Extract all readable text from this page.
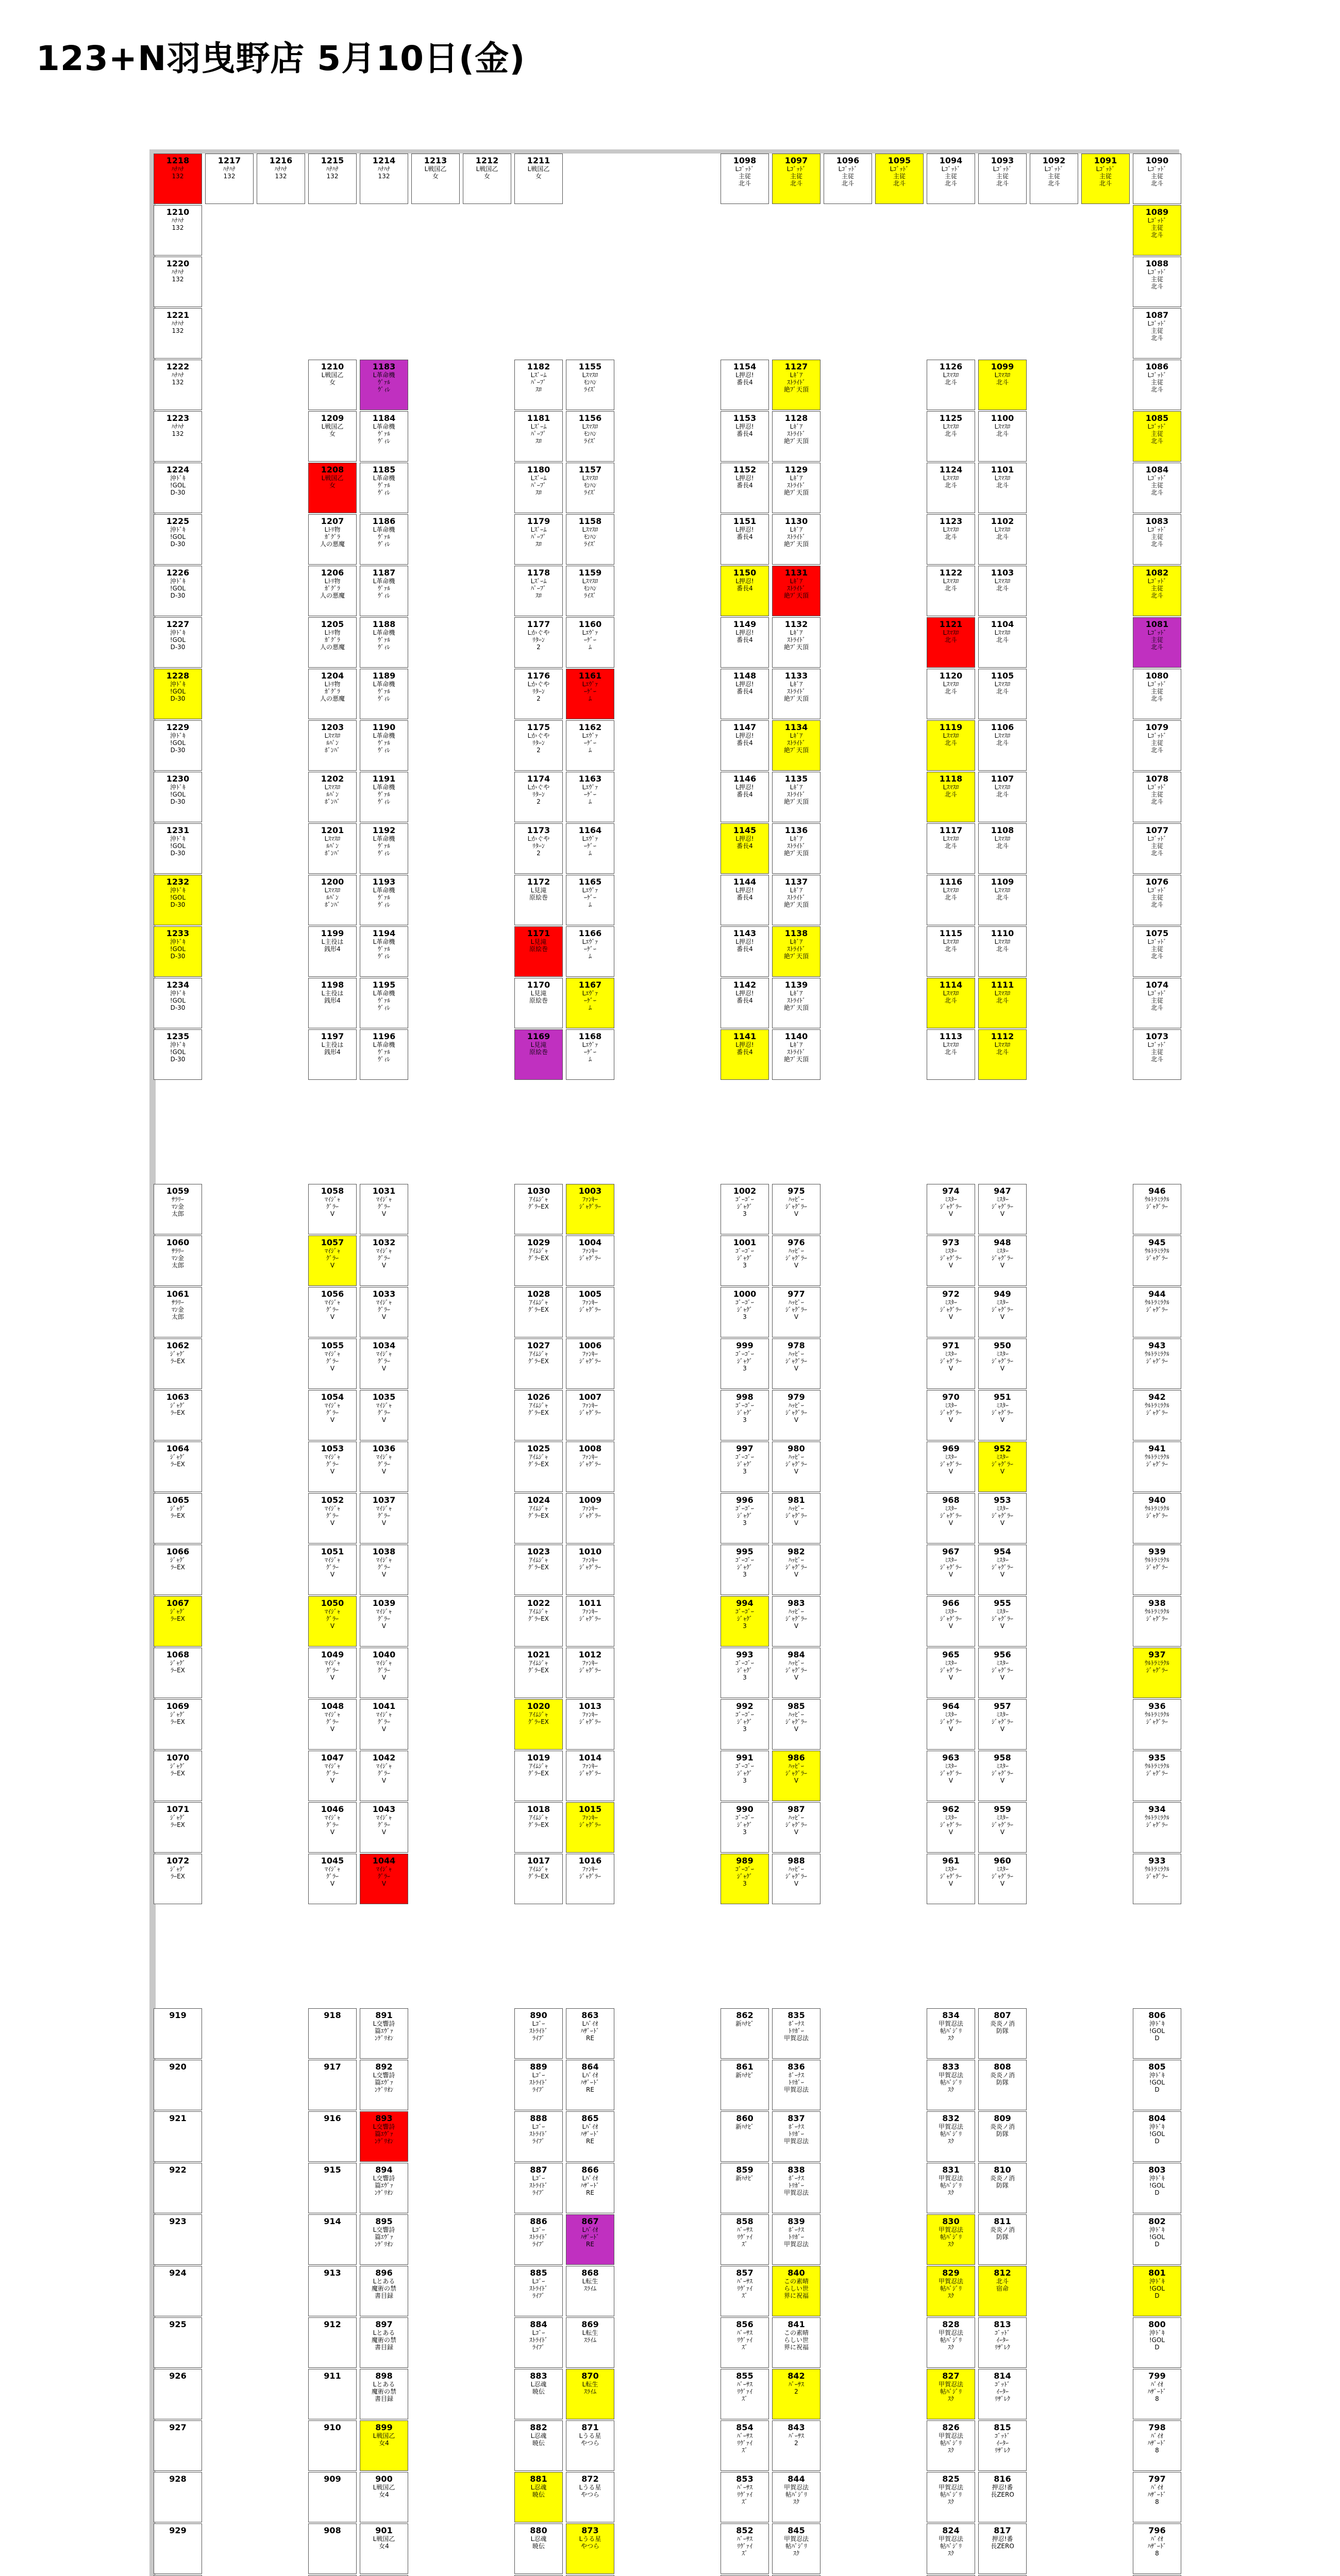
123+N羽曳野店 5月10日(金)
1218
ﾊﾅﾊﾅ
132
1217
ﾊﾅﾊﾅ
132
1216
ﾊﾅﾊﾅ
132
1215
ﾊﾅﾊﾅ
132
1214
ﾊﾅﾊﾅ
132
1213
L戦国乙
女
1212
L戦国乙
女
1211
L戦国乙
女
1098
Lｺﾞｯﾄﾞ
主従
北斗
1097
Lｺﾞｯﾄﾞ
主従
北斗
1096
Lｺﾞｯﾄﾞ
主従
北斗
1095
Lｺﾞｯﾄﾞ
主従
北斗
1094
Lｺﾞｯﾄﾞ
主従
北斗
1093
Lｺﾞｯﾄﾞ
主従
北斗
1092
Lｺﾞｯﾄﾞ
主従
北斗
1091
Lｺﾞｯﾄﾞ
主従
北斗
1090
Lｺﾞｯﾄﾞ
主従
北斗
1210
ﾊﾅﾊﾅ
132
1220
ﾊﾅﾊﾅ
132
1221
ﾊﾅﾊﾅ
132
1222
ﾊﾅﾊﾅ
132
1223
ﾊﾅﾊﾅ
132
1224
沖ﾄﾞｷ
!GOL
D-30
1225
沖ﾄﾞｷ
!GOL
D-30
1226
沖ﾄﾞｷ
!GOL
D-30
1227
沖ﾄﾞｷ
!GOL
D-30
1228
沖ﾄﾞｷ
!GOL
D-30
1229
沖ﾄﾞｷ
!GOL
D-30
1230
沖ﾄﾞｷ
!GOL
D-30
1231
沖ﾄﾞｷ
!GOL
D-30
1232
沖ﾄﾞｷ
!GOL
D-30
1233
沖ﾄﾞｷ
!GOL
D-30
1234
沖ﾄﾞｷ
!GOL
D-30
1235
沖ﾄﾞｷ
!GOL
D-30
1089
Lｺﾞｯﾄﾞ
主従
北斗
1088
Lｺﾞｯﾄﾞ
主従
北斗
1087
Lｺﾞｯﾄﾞ
主従
北斗
1086
Lｺﾞｯﾄﾞ
主従
北斗
1085
Lｺﾞｯﾄﾞ
主従
北斗
1084
Lｺﾞｯﾄﾞ
主従
北斗
1083
Lｺﾞｯﾄﾞ
主従
北斗
1082
Lｺﾞｯﾄﾞ
主従
北斗
1081
Lｺﾞｯﾄﾞ
主従
北斗
1080
Lｺﾞｯﾄﾞ
主従
北斗
1079
Lｺﾞｯﾄﾞ
主従
北斗
1078
Lｺﾞｯﾄﾞ
主従
北斗
1077
Lｺﾞｯﾄﾞ
主従
北斗
1076
Lｺﾞｯﾄﾞ
主従
北斗
1075
Lｺﾞｯﾄﾞ
主従
北斗
1074
Lｺﾞｯﾄﾞ
主従
北斗
1073
Lｺﾞｯﾄﾞ
主従
北斗
1210
L戦国乙
女
1209
L戦国乙
女
1208
L戦国乙
女
1207
Lﾄﾘ物
ｶﾞｸﾞﾗ
人の悪魔
1206
Lﾄﾘ物
ｶﾞｸﾞﾗ
人の悪魔
1205
Lﾄﾘ物
ｶﾞｸﾞﾗ
人の悪魔
1204
Lﾄﾘ物
ｶﾞｸﾞﾗ
人の悪魔
1203
Lｽﾏｽﾛ
ﾙﾊﾟﾝ
ﾎﾞﾝﾊﾞ
1202
Lｽﾏｽﾛ
ﾙﾊﾟﾝ
ﾎﾞﾝﾊﾞ
1201
Lｽﾏｽﾛ
ﾙﾊﾟﾝ
ﾎﾞﾝﾊﾞ
1200
Lｽﾏｽﾛ
ﾙﾊﾟﾝ
ﾎﾞﾝﾊﾞ
1199
L主役は
銭形4
1198
L主役は
銭形4
1197
L主役は
銭形4
1183
L革命機
ｳﾞｧﾙ
ｳﾞｨﾚ
1184
L革命機
ｳﾞｧﾙ
ｳﾞｨﾚ
1185
L革命機
ｳﾞｧﾙ
ｳﾞｨﾚ
1186
L革命機
ｳﾞｧﾙ
ｳﾞｨﾚ
1187
L革命機
ｳﾞｧﾙ
ｳﾞｨﾚ
1188
L革命機
ｳﾞｧﾙ
ｳﾞｨﾚ
1189
L革命機
ｳﾞｧﾙ
ｳﾞｨﾚ
1190
L革命機
ｳﾞｧﾙ
ｳﾞｨﾚ
1191
L革命機
ｳﾞｧﾙ
ｳﾞｨﾚ
1192
L革命機
ｳﾞｧﾙ
ｳﾞｨﾚ
1193
L革命機
ｳﾞｧﾙ
ｳﾞｨﾚ
1194
L革命機
ｳﾞｧﾙ
ｳﾞｨﾚ
1195
L革命機
ｳﾞｧﾙ
ｳﾞｨﾚ
1196
L革命機
ｳﾞｧﾙ
ｳﾞｨﾚ
1182
Lｽﾞｰﾑ
ﾊﾟｰﾌﾟ
ｽﾛ
1181
Lｽﾞｰﾑ
ﾊﾟｰﾌﾟ
ｽﾛ
1180
Lｽﾞｰﾑ
ﾊﾟｰﾌﾟ
ｽﾛ
1179
Lｽﾞｰﾑ
ﾊﾟｰﾌﾟ
ｽﾛ
1178
Lｽﾞｰﾑ
ﾊﾟｰﾌﾟ
ｽﾛ
1177
Lかぐや
ﾘﾀｰﾝ
2
1176
Lかぐや
ﾘﾀｰﾝ
2
1175
Lかぐや
ﾘﾀｰﾝ
2
1174
Lかぐや
ﾘﾀｰﾝ
2
1173
Lかぐや
ﾘﾀｰﾝ
2
1172
L見滝
原絵巻
1171
L見滝
原絵巻
1170
L見滝
原絵巻
1169
L見滝
原絵巻
1155
Lｽﾏｽﾛ
ﾓﾝﾊﾝ
ﾗｲｽﾞ
1156
Lｽﾏｽﾛ
ﾓﾝﾊﾝ
ﾗｲｽﾞ
1157
Lｽﾏｽﾛ
ﾓﾝﾊﾝ
ﾗｲｽﾞ
1158
Lｽﾏｽﾛ
ﾓﾝﾊﾝ
ﾗｲｽﾞ
1159
Lｽﾏｽﾛ
ﾓﾝﾊﾝ
ﾗｲｽﾞ
1160
Lｴｳﾞｧ
ｰｹﾞｰ
ﾑ
1161
Lｴｳﾞｧ
ｰｹﾞｰ
ﾑ
1162
Lｴｳﾞｧ
ｰｹﾞｰ
ﾑ
1163
Lｴｳﾞｧ
ｰｹﾞｰ
ﾑ
1164
Lｴｳﾞｧ
ｰｹﾞｰ
ﾑ
1165
Lｴｳﾞｧ
ｰｹﾞｰ
ﾑ
1166
Lｴｳﾞｧ
ｰｹﾞｰ
ﾑ
1167
Lｴｳﾞｧ
ｰｹﾞｰ
ﾑ
1168
Lｴｳﾞｧ
ｰｹﾞｰ
ﾑ
1154
L押忍!
番長4
1153
L押忍!
番長4
1152
L押忍!
番長4
1151
L押忍!
番長4
1150
L押忍!
番長4
1149
L押忍!
番長4
1148
L押忍!
番長4
1147
L押忍!
番長4
1146
L押忍!
番長4
1145
L押忍!
番長4
1144
L押忍!
番長4
1143
L押忍!
番長4
1142
L押忍!
番長4
1141
L押忍!
番長4
1127
Lｷﾞｱ
ｽﾄﾗｲﾄﾞ
絶ﾌﾞ天頂
1128
Lｷﾞｱ
ｽﾄﾗｲﾄﾞ
絶ﾌﾞ天頂
1129
Lｷﾞｱ
ｽﾄﾗｲﾄﾞ
絶ﾌﾞ天頂
1130
Lｷﾞｱ
ｽﾄﾗｲﾄﾞ
絶ﾌﾞ天頂
1131
Lｷﾞｱ
ｽﾄﾗｲﾄﾞ
絶ﾌﾞ天頂
1132
Lｷﾞｱ
ｽﾄﾗｲﾄﾞ
絶ﾌﾞ天頂
1133
Lｷﾞｱ
ｽﾄﾗｲﾄﾞ
絶ﾌﾞ天頂
1134
Lｷﾞｱ
ｽﾄﾗｲﾄﾞ
絶ﾌﾞ天頂
1135
Lｷﾞｱ
ｽﾄﾗｲﾄﾞ
絶ﾌﾞ天頂
1136
Lｷﾞｱ
ｽﾄﾗｲﾄﾞ
絶ﾌﾞ天頂
1137
Lｷﾞｱ
ｽﾄﾗｲﾄﾞ
絶ﾌﾞ天頂
1138
Lｷﾞｱ
ｽﾄﾗｲﾄﾞ
絶ﾌﾞ天頂
1139
Lｷﾞｱ
ｽﾄﾗｲﾄﾞ
絶ﾌﾞ天頂
1140
Lｷﾞｱ
ｽﾄﾗｲﾄﾞ
絶ﾌﾞ天頂
1126
Lｽﾏｽﾛ
北斗
1125
Lｽﾏｽﾛ
北斗
1124
Lｽﾏｽﾛ
北斗
1123
Lｽﾏｽﾛ
北斗
1122
Lｽﾏｽﾛ
北斗
1121
Lｽﾏｽﾛ
北斗
1120
Lｽﾏｽﾛ
北斗
1119
Lｽﾏｽﾛ
北斗
1118
Lｽﾏｽﾛ
北斗
1117
Lｽﾏｽﾛ
北斗
1116
Lｽﾏｽﾛ
北斗
1115
Lｽﾏｽﾛ
北斗
1114
Lｽﾏｽﾛ
北斗
1113
Lｽﾏｽﾛ
北斗
1099
Lｽﾏｽﾛ
北斗
1100
Lｽﾏｽﾛ
北斗
1101
Lｽﾏｽﾛ
北斗
1102
Lｽﾏｽﾛ
北斗
1103
Lｽﾏｽﾛ
北斗
1104
Lｽﾏｽﾛ
北斗
1105
Lｽﾏｽﾛ
北斗
1106
Lｽﾏｽﾛ
北斗
1107
Lｽﾏｽﾛ
北斗
1108
Lｽﾏｽﾛ
北斗
1109
Lｽﾏｽﾛ
北斗
1110
Lｽﾏｽﾛ
北斗
1111
Lｽﾏｽﾛ
北斗
1112
Lｽﾏｽﾛ
北斗
1059
ｻﾗﾘｰ
ﾏﾝ金
太郎
1060
ｻﾗﾘｰ
ﾏﾝ金
太郎
1061
ｻﾗﾘｰ
ﾏﾝ金
太郎
1062
ｼﾞｬｸﾞ
ﾗｰEX
1063
ｼﾞｬｸﾞ
ﾗｰEX
1064
ｼﾞｬｸﾞ
ﾗｰEX
1065
ｼﾞｬｸﾞ
ﾗｰEX
1066
ｼﾞｬｸﾞ
ﾗｰEX
1067
ｼﾞｬｸﾞ
ﾗｰEX
1068
ｼﾞｬｸﾞ
ﾗｰEX
1069
ｼﾞｬｸﾞ
ﾗｰEX
1070
ｼﾞｬｸﾞ
ﾗｰEX
1071
ｼﾞｬｸﾞ
ﾗｰEX
1072
ｼﾞｬｸﾞ
ﾗｰEX
1058
ﾏｲｼﾞｬ
ｸﾞﾗｰ
V
1057
ﾏｲｼﾞｬ
ｸﾞﾗｰ
V
1056
ﾏｲｼﾞｬ
ｸﾞﾗｰ
V
1055
ﾏｲｼﾞｬ
ｸﾞﾗｰ
V
1054
ﾏｲｼﾞｬ
ｸﾞﾗｰ
V
1053
ﾏｲｼﾞｬ
ｸﾞﾗｰ
V
1052
ﾏｲｼﾞｬ
ｸﾞﾗｰ
V
1051
ﾏｲｼﾞｬ
ｸﾞﾗｰ
V
1050
ﾏｲｼﾞｬ
ｸﾞﾗｰ
V
1049
ﾏｲｼﾞｬ
ｸﾞﾗｰ
V
1048
ﾏｲｼﾞｬ
ｸﾞﾗｰ
V
1047
ﾏｲｼﾞｬ
ｸﾞﾗｰ
V
1046
ﾏｲｼﾞｬ
ｸﾞﾗｰ
V
1045
ﾏｲｼﾞｬ
ｸﾞﾗｰ
V
1031
ﾏｲｼﾞｬ
ｸﾞﾗｰ
V
1032
ﾏｲｼﾞｬ
ｸﾞﾗｰ
V
1033
ﾏｲｼﾞｬ
ｸﾞﾗｰ
V
1034
ﾏｲｼﾞｬ
ｸﾞﾗｰ
V
1035
ﾏｲｼﾞｬ
ｸﾞﾗｰ
V
1036
ﾏｲｼﾞｬ
ｸﾞﾗｰ
V
1037
ﾏｲｼﾞｬ
ｸﾞﾗｰ
V
1038
ﾏｲｼﾞｬ
ｸﾞﾗｰ
V
1039
ﾏｲｼﾞｬ
ｸﾞﾗｰ
V
1040
ﾏｲｼﾞｬ
ｸﾞﾗｰ
V
1041
ﾏｲｼﾞｬ
ｸﾞﾗｰ
V
1042
ﾏｲｼﾞｬ
ｸﾞﾗｰ
V
1043
ﾏｲｼﾞｬ
ｸﾞﾗｰ
V
1044
ﾏｲｼﾞｬ
ｸﾞﾗｰ
V
1030
ｱｲﾑｼﾞｬ
ｸﾞﾗｰEX
1029
ｱｲﾑｼﾞｬ
ｸﾞﾗｰEX
1028
ｱｲﾑｼﾞｬ
ｸﾞﾗｰEX
1027
ｱｲﾑｼﾞｬ
ｸﾞﾗｰEX
1026
ｱｲﾑｼﾞｬ
ｸﾞﾗｰEX
1025
ｱｲﾑｼﾞｬ
ｸﾞﾗｰEX
1024
ｱｲﾑｼﾞｬ
ｸﾞﾗｰEX
1023
ｱｲﾑｼﾞｬ
ｸﾞﾗｰEX
1022
ｱｲﾑｼﾞｬ
ｸﾞﾗｰEX
1021
ｱｲﾑｼﾞｬ
ｸﾞﾗｰEX
1020
ｱｲﾑｼﾞｬ
ｸﾞﾗｰEX
1019
ｱｲﾑｼﾞｬ
ｸﾞﾗｰEX
1018
ｱｲﾑｼﾞｬ
ｸﾞﾗｰEX
1017
ｱｲﾑｼﾞｬ
ｸﾞﾗｰEX
1003
ﾌｧﾝｷｰ
ｼﾞｬｸﾞﾗｰ
1004
ﾌｧﾝｷｰ
ｼﾞｬｸﾞﾗｰ
1005
ﾌｧﾝｷｰ
ｼﾞｬｸﾞﾗｰ
1006
ﾌｧﾝｷｰ
ｼﾞｬｸﾞﾗｰ
1007
ﾌｧﾝｷｰ
ｼﾞｬｸﾞﾗｰ
1008
ﾌｧﾝｷｰ
ｼﾞｬｸﾞﾗｰ
1009
ﾌｧﾝｷｰ
ｼﾞｬｸﾞﾗｰ
1010
ﾌｧﾝｷｰ
ｼﾞｬｸﾞﾗｰ
1011
ﾌｧﾝｷｰ
ｼﾞｬｸﾞﾗｰ
1012
ﾌｧﾝｷｰ
ｼﾞｬｸﾞﾗｰ
1013
ﾌｧﾝｷｰ
ｼﾞｬｸﾞﾗｰ
1014
ﾌｧﾝｷｰ
ｼﾞｬｸﾞﾗｰ
1015
ﾌｧﾝｷｰ
ｼﾞｬｸﾞﾗｰ
1016
ﾌｧﾝｷｰ
ｼﾞｬｸﾞﾗｰ
1002
ｺﾞｰｺﾞｰ
ｼﾞｬｸﾞ
3
1001
ｺﾞｰｺﾞｰ
ｼﾞｬｸﾞ
3
1000
ｺﾞｰｺﾞｰ
ｼﾞｬｸﾞ
3
999
ｺﾞｰｺﾞｰ
ｼﾞｬｸﾞ
3
998
ｺﾞｰｺﾞｰ
ｼﾞｬｸﾞ
3
997
ｺﾞｰｺﾞｰ
ｼﾞｬｸﾞ
3
996
ｺﾞｰｺﾞｰ
ｼﾞｬｸﾞ
3
995
ｺﾞｰｺﾞｰ
ｼﾞｬｸﾞ
3
994
ｺﾞｰｺﾞｰ
ｼﾞｬｸﾞ
3
993
ｺﾞｰｺﾞｰ
ｼﾞｬｸﾞ
3
992
ｺﾞｰｺﾞｰ
ｼﾞｬｸﾞ
3
991
ｺﾞｰｺﾞｰ
ｼﾞｬｸﾞ
3
990
ｺﾞｰｺﾞｰ
ｼﾞｬｸﾞ
3
989
ｺﾞｰｺﾞｰ
ｼﾞｬｸﾞ
3
975
ﾊｯﾋﾟｰ
ｼﾞｬｸﾞﾗｰ
V
976
ﾊｯﾋﾟｰ
ｼﾞｬｸﾞﾗｰ
V
977
ﾊｯﾋﾟｰ
ｼﾞｬｸﾞﾗｰ
V
978
ﾊｯﾋﾟｰ
ｼﾞｬｸﾞﾗｰ
V
979
ﾊｯﾋﾟｰ
ｼﾞｬｸﾞﾗｰ
V
980
ﾊｯﾋﾟｰ
ｼﾞｬｸﾞﾗｰ
V
981
ﾊｯﾋﾟｰ
ｼﾞｬｸﾞﾗｰ
V
982
ﾊｯﾋﾟｰ
ｼﾞｬｸﾞﾗｰ
V
983
ﾊｯﾋﾟｰ
ｼﾞｬｸﾞﾗｰ
V
984
ﾊｯﾋﾟｰ
ｼﾞｬｸﾞﾗｰ
V
985
ﾊｯﾋﾟｰ
ｼﾞｬｸﾞﾗｰ
V
986
ﾊｯﾋﾟｰ
ｼﾞｬｸﾞﾗｰ
V
987
ﾊｯﾋﾟｰ
ｼﾞｬｸﾞﾗｰ
V
988
ﾊｯﾋﾟｰ
ｼﾞｬｸﾞﾗｰ
V
974
ﾐｽﾀｰ
ｼﾞｬｸﾞﾗｰ
V
973
ﾐｽﾀｰ
ｼﾞｬｸﾞﾗｰ
V
972
ﾐｽﾀｰ
ｼﾞｬｸﾞﾗｰ
V
971
ﾐｽﾀｰ
ｼﾞｬｸﾞﾗｰ
V
970
ﾐｽﾀｰ
ｼﾞｬｸﾞﾗｰ
V
969
ﾐｽﾀｰ
ｼﾞｬｸﾞﾗｰ
V
968
ﾐｽﾀｰ
ｼﾞｬｸﾞﾗｰ
V
967
ﾐｽﾀｰ
ｼﾞｬｸﾞﾗｰ
V
966
ﾐｽﾀｰ
ｼﾞｬｸﾞﾗｰ
V
965
ﾐｽﾀｰ
ｼﾞｬｸﾞﾗｰ
V
964
ﾐｽﾀｰ
ｼﾞｬｸﾞﾗｰ
V
963
ﾐｽﾀｰ
ｼﾞｬｸﾞﾗｰ
V
962
ﾐｽﾀｰ
ｼﾞｬｸﾞﾗｰ
V
961
ﾐｽﾀｰ
ｼﾞｬｸﾞﾗｰ
V
947
ﾐｽﾀｰ
ｼﾞｬｸﾞﾗｰ
V
948
ﾐｽﾀｰ
ｼﾞｬｸﾞﾗｰ
V
949
ﾐｽﾀｰ
ｼﾞｬｸﾞﾗｰ
V
950
ﾐｽﾀｰ
ｼﾞｬｸﾞﾗｰ
V
951
ﾐｽﾀｰ
ｼﾞｬｸﾞﾗｰ
V
952
ﾐｽﾀｰ
ｼﾞｬｸﾞﾗｰ
V
953
ﾐｽﾀｰ
ｼﾞｬｸﾞﾗｰ
V
954
ﾐｽﾀｰ
ｼﾞｬｸﾞﾗｰ
V
955
ﾐｽﾀｰ
ｼﾞｬｸﾞﾗｰ
V
956
ﾐｽﾀｰ
ｼﾞｬｸﾞﾗｰ
V
957
ﾐｽﾀｰ
ｼﾞｬｸﾞﾗｰ
V
958
ﾐｽﾀｰ
ｼﾞｬｸﾞﾗｰ
V
959
ﾐｽﾀｰ
ｼﾞｬｸﾞﾗｰ
V
960
ﾐｽﾀｰ
ｼﾞｬｸﾞﾗｰ
V
946
ｳﾙﾄﾗﾐﾗｸﾙ
ｼﾞｬｸﾞﾗｰ
945
ｳﾙﾄﾗﾐﾗｸﾙ
ｼﾞｬｸﾞﾗｰ
944
ｳﾙﾄﾗﾐﾗｸﾙ
ｼﾞｬｸﾞﾗｰ
943
ｳﾙﾄﾗﾐﾗｸﾙ
ｼﾞｬｸﾞﾗｰ
942
ｳﾙﾄﾗﾐﾗｸﾙ
ｼﾞｬｸﾞﾗｰ
941
ｳﾙﾄﾗﾐﾗｸﾙ
ｼﾞｬｸﾞﾗｰ
940
ｳﾙﾄﾗﾐﾗｸﾙ
ｼﾞｬｸﾞﾗｰ
939
ｳﾙﾄﾗﾐﾗｸﾙ
ｼﾞｬｸﾞﾗｰ
938
ｳﾙﾄﾗﾐﾗｸﾙ
ｼﾞｬｸﾞﾗｰ
937
ｳﾙﾄﾗﾐﾗｸﾙ
ｼﾞｬｸﾞﾗｰ
936
ｳﾙﾄﾗﾐﾗｸﾙ
ｼﾞｬｸﾞﾗｰ
935
ｳﾙﾄﾗﾐﾗｸﾙ
ｼﾞｬｸﾞﾗｰ
934
ｳﾙﾄﾗﾐﾗｸﾙ
ｼﾞｬｸﾞﾗｰ
933
ｳﾙﾄﾗﾐﾗｸﾙ
ｼﾞｬｸﾞﾗｰ
919
920
921
922
923
924
925
926
927
928
929
918
917
916
915
914
913
912
911
910
909
908
891
L交響詩
篇ｴｳﾞｧ
ﾝｹﾞﾘｵﾝ
892
L交響詩
篇ｴｳﾞｧ
ﾝｹﾞﾘｵﾝ
893
L交響詩
篇ｴｳﾞｧ
ﾝｹﾞﾘｵﾝ
894
L交響詩
篇ｴｳﾞｧ
ﾝｹﾞﾘｵﾝ
895
L交響詩
篇ｴｳﾞｧ
ﾝｹﾞﾘｵﾝ
896
Lとある
魔術の禁
書目録
897
Lとある
魔術の禁
書目録
898
Lとある
魔術の禁
書目録
899
L戦国乙
女4
900
L戦国乙
女4
901
L戦国乙
女4
890
Lｺﾞｰ
ｽﾄﾗｲﾄﾞ
ﾗｲﾌﾞ
889
Lｺﾞｰ
ｽﾄﾗｲﾄﾞ
ﾗｲﾌﾞ
888
Lｺﾞｰ
ｽﾄﾗｲﾄﾞ
ﾗｲﾌﾞ
887
Lｺﾞｰ
ｽﾄﾗｲﾄﾞ
ﾗｲﾌﾞ
886
Lｺﾞｰ
ｽﾄﾗｲﾄﾞ
ﾗｲﾌﾞ
885
Lｺﾞｰ
ｽﾄﾗｲﾄﾞ
ﾗｲﾌﾞ
884
Lｺﾞｰ
ｽﾄﾗｲﾄﾞ
ﾗｲﾌﾞ
883
L忍魂
暁伝
882
L忍魂
暁伝
881
L忍魂
暁伝
880
L忍魂
暁伝
863
Lﾊﾞｲｵ
ﾊｻﾞｰﾄﾞ
RE
864
Lﾊﾞｲｵ
ﾊｻﾞｰﾄﾞ
RE
865
Lﾊﾞｲｵ
ﾊｻﾞｰﾄﾞ
RE
866
Lﾊﾞｲｵ
ﾊｻﾞｰﾄﾞ
RE
867
Lﾊﾞｲｵ
ﾊｻﾞｰﾄﾞ
RE
868
L転生
ｽﾗｲﾑ
869
L転生
ｽﾗｲﾑ
870
L転生
ｽﾗｲﾑ
871
Lうる星
やつら
872
Lうる星
やつら
873
Lうる星
やつら
862
新ﾊﾅﾋﾞ
861
新ﾊﾅﾋﾞ
860
新ﾊﾅﾋﾞ
859
新ﾊﾅﾋﾞ
858
ﾊﾞｰｻｽ
ﾘｳﾞｧｲ
ｽﾞ
857
ﾊﾞｰｻｽ
ﾘｳﾞｧｲ
ｽﾞ
856
ﾊﾞｰｻｽ
ﾘｳﾞｧｲ
ｽﾞ
855
ﾊﾞｰｻｽ
ﾘｳﾞｧｲ
ｽﾞ
854
ﾊﾞｰｻｽ
ﾘｳﾞｧｲ
ｽﾞ
853
ﾊﾞｰｻｽ
ﾘｳﾞｧｲ
ｽﾞ
852
ﾊﾞｰｻｽ
ﾘｳﾞｧｲ
ｽﾞ
835
ﾎﾞｰﾅｽ
ﾄﾘｶﾞｰ
甲賀忍法
836
ﾎﾞｰﾅｽ
ﾄﾘｶﾞｰ
甲賀忍法
837
ﾎﾞｰﾅｽ
ﾄﾘｶﾞｰ
甲賀忍法
838
ﾎﾞｰﾅｽ
ﾄﾘｶﾞｰ
甲賀忍法
839
ﾎﾞｰﾅｽ
ﾄﾘｶﾞｰ
甲賀忍法
840
この素晴
らしい世
界に祝福
841
この素晴
らしい世
界に祝福
842
ﾊﾞｰｻｽ
2
843
ﾊﾞｰｻｽ
2
844
甲賀忍法
帖ﾊﾞｼﾞﾘ
ｽｸ
845
甲賀忍法
帖ﾊﾞｼﾞﾘ
ｽｸ
834
甲賀忍法
帖ﾊﾞｼﾞﾘ
ｽｸ
833
甲賀忍法
帖ﾊﾞｼﾞﾘ
ｽｸ
832
甲賀忍法
帖ﾊﾞｼﾞﾘ
ｽｸ
831
甲賀忍法
帖ﾊﾞｼﾞﾘ
ｽｸ
830
甲賀忍法
帖ﾊﾞｼﾞﾘ
ｽｸ
829
甲賀忍法
帖ﾊﾞｼﾞﾘ
ｽｸ
828
甲賀忍法
帖ﾊﾞｼﾞﾘ
ｽｸ
827
甲賀忍法
帖ﾊﾞｼﾞﾘ
ｽｸ
826
甲賀忍法
帖ﾊﾞｼﾞﾘ
ｽｸ
825
甲賀忍法
帖ﾊﾞｼﾞﾘ
ｽｸ
824
甲賀忍法
帖ﾊﾞｼﾞﾘ
ｽｸ
807
炎炎ノ消
防隊
808
炎炎ノ消
防隊
809
炎炎ノ消
防隊
810
炎炎ノ消
防隊
811
炎炎ノ消
防隊
812
北斗
宿命
813
ｺﾞｯﾄﾞ
ｲｰﾀｰ
ﾘｻﾞﾚｸ
814
ｺﾞｯﾄﾞ
ｲｰﾀｰ
ﾘｻﾞﾚｸ
815
ｺﾞｯﾄﾞ
ｲｰﾀｰ
ﾘｻﾞﾚｸ
816
押忍!番
長ZERO
817
押忍!番
長ZERO
806
沖ﾄﾞｷ
!GOL
D
805
沖ﾄﾞｷ
!GOL
D
804
沖ﾄﾞｷ
!GOL
D
803
沖ﾄﾞｷ
!GOL
D
802
沖ﾄﾞｷ
!GOL
D
801
沖ﾄﾞｷ
!GOL
D
800
沖ﾄﾞｷ
!GOL
D
799
ﾊﾞｲｵ
ﾊｻﾞｰﾄﾞ
8
798
ﾊﾞｲｵ
ﾊｻﾞｰﾄﾞ
8
797
ﾊﾞｲｵ
ﾊｻﾞｰﾄﾞ
8
796
ﾊﾞｲｵ
ﾊｻﾞｰﾄﾞ
8
